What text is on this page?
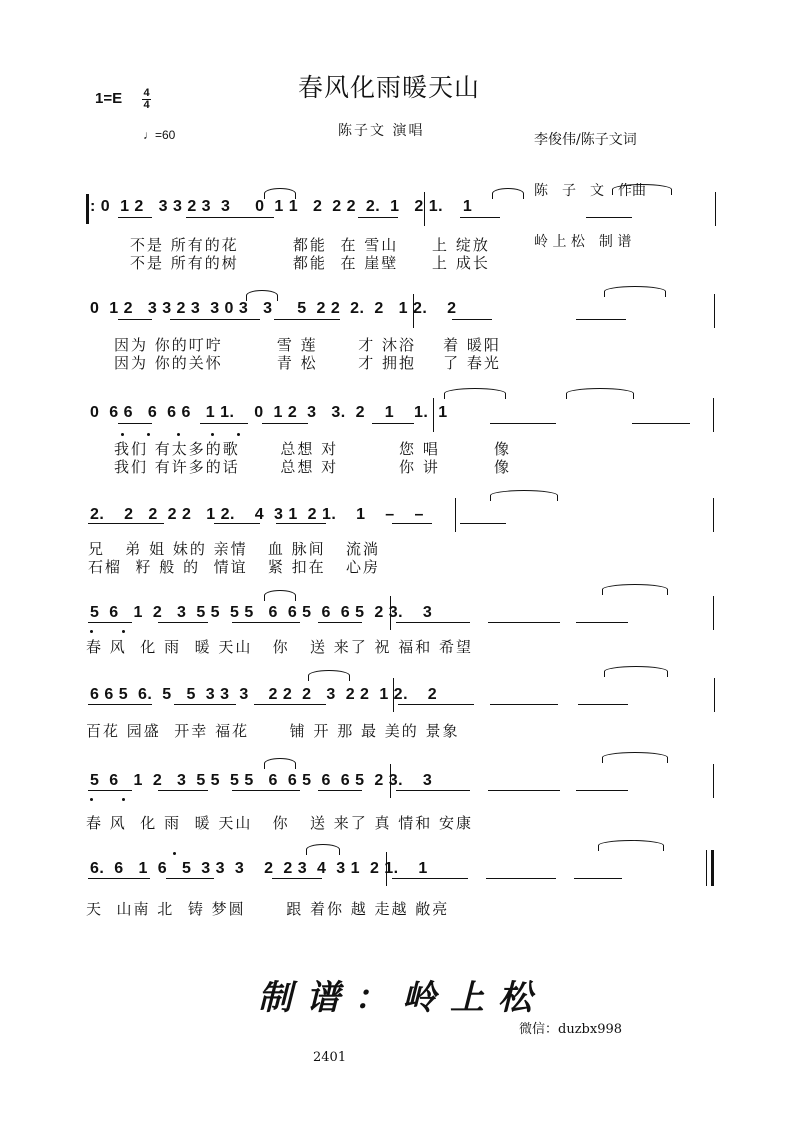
春风化雨暖天山
1=E 4
4
♩=60	陈子文 演唱

李俊伟/陈子文词

陈　子　文　作曲

岭 上 松　制 谱

: 0  1 2   3 3 2 3  3     0  1 1   2  2 2  2.  1   2 1.    1
不是 所有的花        都能  在 雪山     上 绽放
不是 所有的树        都能  在 崖壁     上 成长
0  1 2   3 3 2 3  3 0 3   3     5  2 2  2.  2   1 2.    2
因为 你的叮咛        雪 莲      才 沐浴    着 暖阳
因为 你的关怀        青 松      才 拥抱    了 春光
0  6 6   6  6 6   1 1.    0  1 2  3   3.  2    1    1.  1
我们 有太多的歌      总想 对         您 唱        像
我们 有许多的话      总想 对         你 讲        像
2.    2   2  2 2   1 2.    4  3 1  2 1.    1    –    –
兄   弟 姐 妹的 亲情   血 脉间   流淌
石榴  籽 般 的  情谊   紧 扣在   心房
5  6   1  2   3  5 5  5 5   6  6 5  6  6 5  2 3.    3
春 风  化 雨  暖 天山   你   送 来了 祝 福和 希望
6 6 5  6.  5   5  3 3  3    2 2  2   3  2 2  1 2.    2
百花 园盛  开幸 福花      铺 开 那 最 美的 景象
5  6   1  2   3  5 5  5 5   6  6 5  6  6 5  2 3.    3
春 风  化 雨  暖 天山   你   送 来了 真 情和 安康
6.  6   1  6   5  3 3  3    2  2 3  4  3 1  2 1.    1
天  山南 北  铸 梦圆      跟 着你 越 走越 敞亮
制谱：岭上松
微信：duzbx998
2401
